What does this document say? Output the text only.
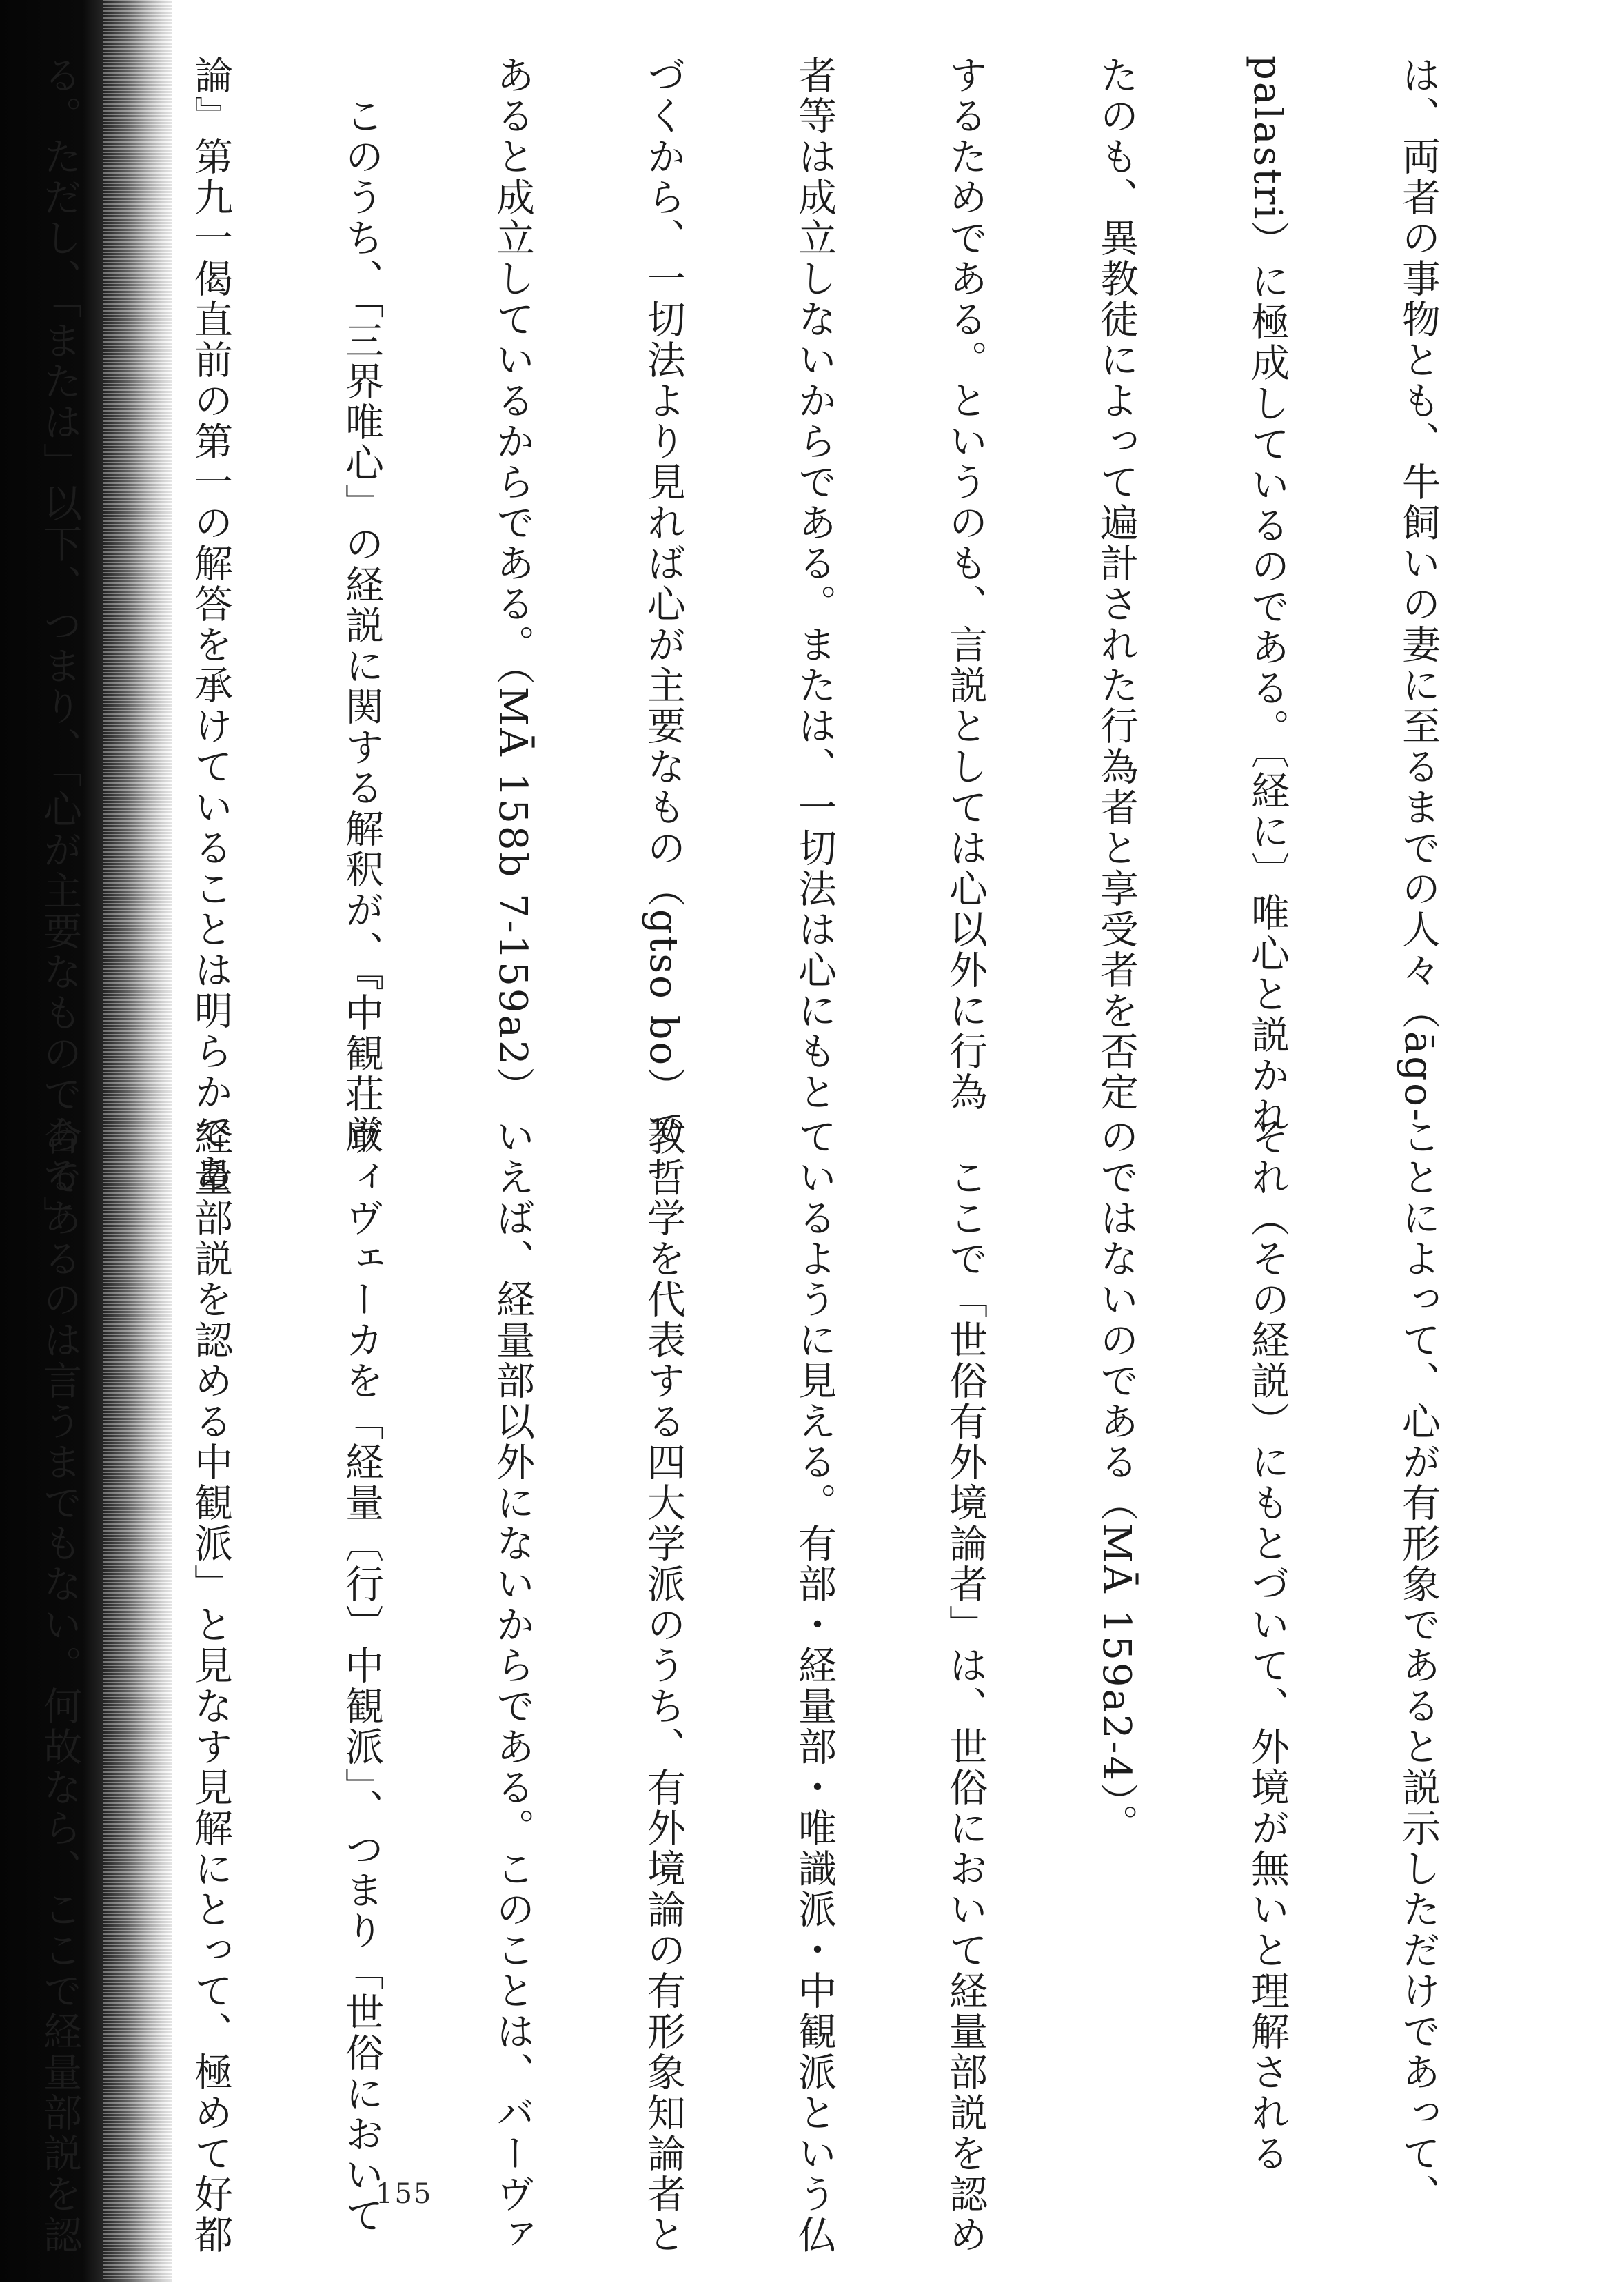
は、両者の事物とも、牛飼いの妻に至るまでの人々（āgo-

palastri）に極成しているのである。〔経に〕唯心と説かれ

たのも、異教徒によって遍計された行為者と享受者を否定

するためである。というのも、言説としては心以外に行為

者等は成立しないからである。または、一切法は心にもと

づくから、一切法より見れば心が主要なもの（gtso bo）で

あると成立しているからである。（MĀ 158b 7-159a2）

　このうち、「三界唯心」の経説に関する解釈が、『中観荘厳

論』第九一偈直前の第一の解答を承けていることは明らかであ

る。ただし、「または」以下、つまり、「心が主要なものである」

ことによって、心が有形象であると説示しただけであって、

それ（その経説）にもとづいて、外境が無いと理解される

のではないのである（MĀ 159a2-4）。

　ここで「世俗有外境論者」は、世俗において経量部説を認め

ているように見える。有部・経量部・唯識派・中観派という仏

教哲学を代表する四大学派のうち、有外境論の有形象知論者と

いえば、経量部以外にないからである。このことは、バーヴァ

ヴィヴェーカを「経量〔行〕中観派」、つまり「世俗において

経量部説を認める中観派」と見なす見解にとって、極めて好都

合であるのは言うまでもない。何故なら、ここで経量部説を認

	155
